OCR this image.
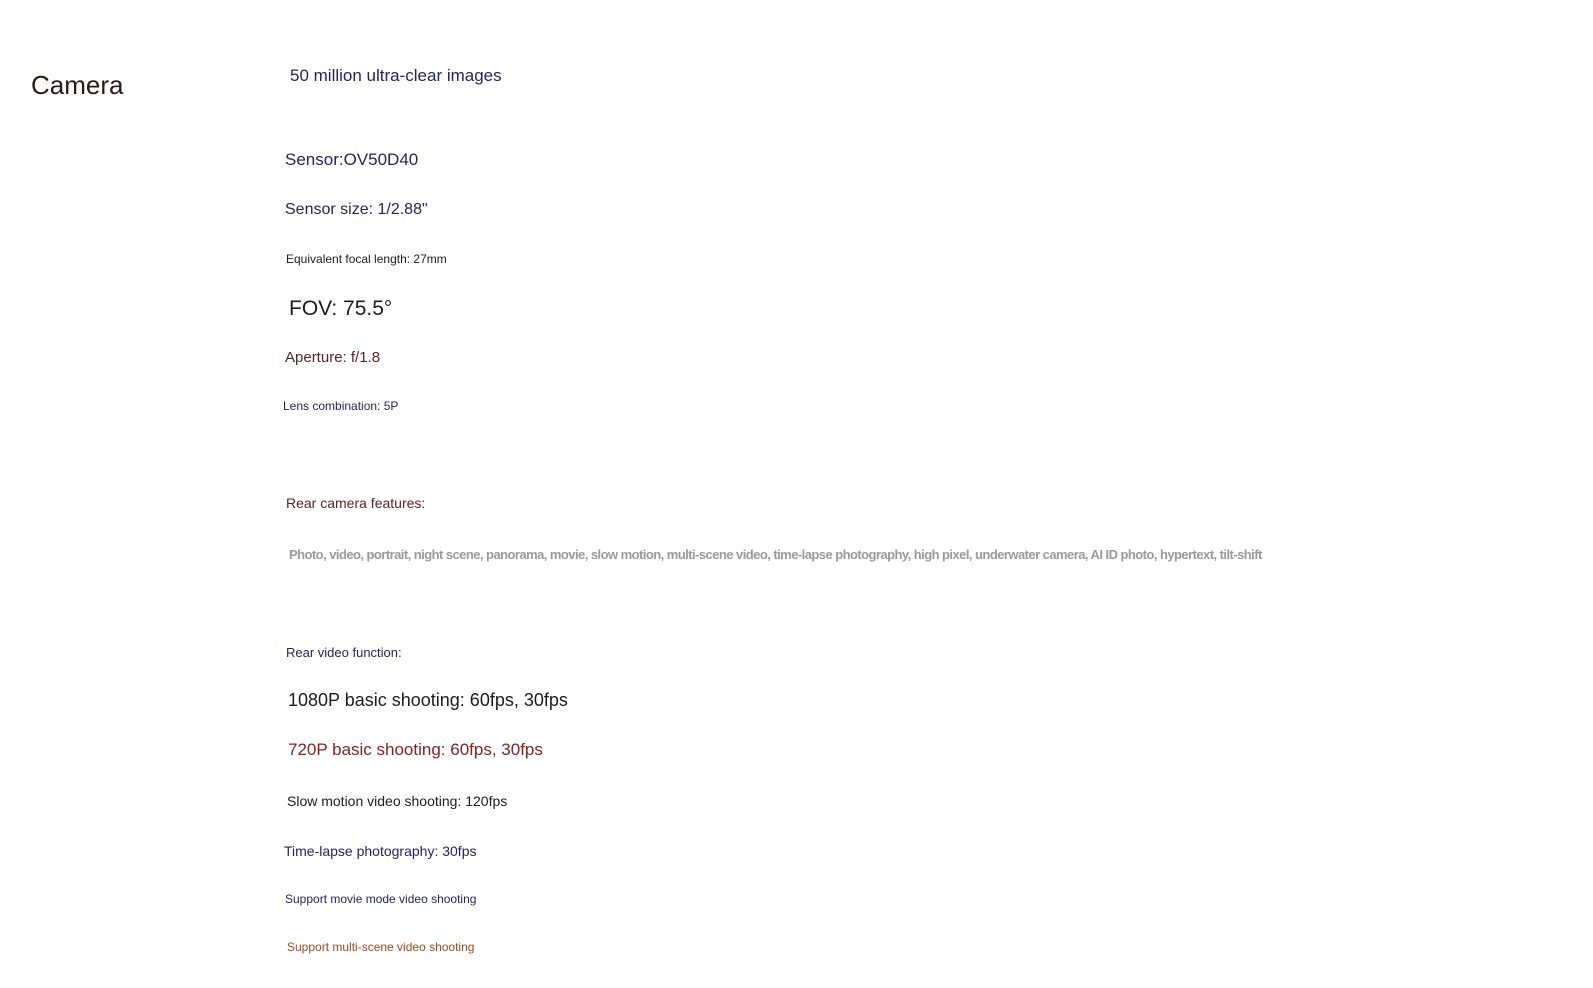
Camera	50 million ultra-clear images
Sensor:OV50D40
Sensor size: 1/2.88"
Equivalent focal length: 27mm
FOV: 75.5°
Aperture: f/1.8
Lens combination: 5P
Rear camera features:
Photo, video, portrait, night scene, panorama, movie, slow motion, multi-scene video, time-lapse photography, high pixel, underwater camera, AI ID photo, hypertext, tilt-shift
Rear video function:
1080P basic shooting: 60fps, 30fps
720P basic shooting: 60fps, 30fps
Slow motion video shooting: 120fps
Time-lapse photography: 30fps
Support movie mode video shooting
Support multi-scene video shooting
